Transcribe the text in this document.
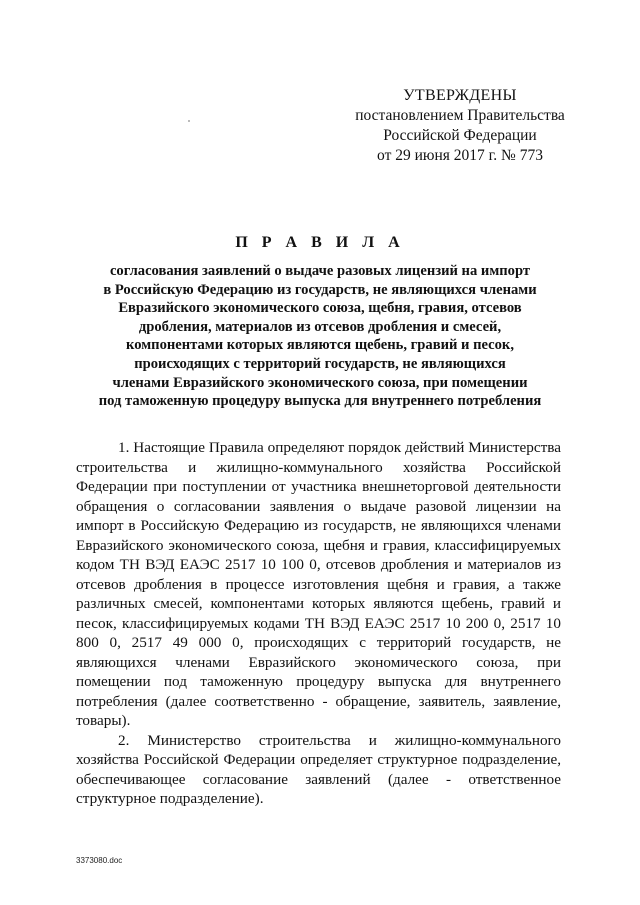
УТВЕРЖДЕНЫ
постановлением Правительства
Российской Федерации
от 29 июня 2017 г. № 773
П Р А В И Л А
согласования заявлений о выдаче разовых лицензий на импорт
в Российскую Федерацию из государств, не являющихся членами
Евразийского экономического союза, щебня, гравия, отсевов
дробления, материалов из отсевов дробления и смесей,
компонентами которых являются щебень, гравий и песок,
происходящих с территорий государств, не являющихся
членами Евразийского экономического союза, при помещении
под таможенную процедуру выпуска для внутреннего потребления

1. Настоящие Правила определяют порядок действий Министерства строительства и жилищно-коммунального хозяйства Российской Федерации при поступлении от участника внешнеторговой деятельности обращения о согласовании заявления о выдаче разовой лицензии на импорт в Российскую Федерацию из государств, не являющихся членами Евразийского экономического союза, щебня и гравия, классифицируемых кодом ТН ВЭД ЕАЭС 2517 10 100 0, отсевов дробления и материалов из отсевов дробления в процессе изготовления щебня и гравия, а также различных смесей, компонентами которых являются щебень, гравий и песок, классифицируемых кодами ТН ВЭД ЕАЭС 2517 10 200 0, 2517 10 800 0, 2517 49 000 0, происходящих с территорий государств, не являющихся членами Евразийского экономического союза, при помещении под таможенную процедуру выпуска для внутреннего потребления (далее соответственно - обращение, заявитель, заявление, товары).

2. Министерство строительства и жилищно-коммунального хозяйства Российской Федерации определяет структурное подразделение, обеспечивающее согласование заявлений (далее - ответственное структурное подразделение).

3373080.doc
